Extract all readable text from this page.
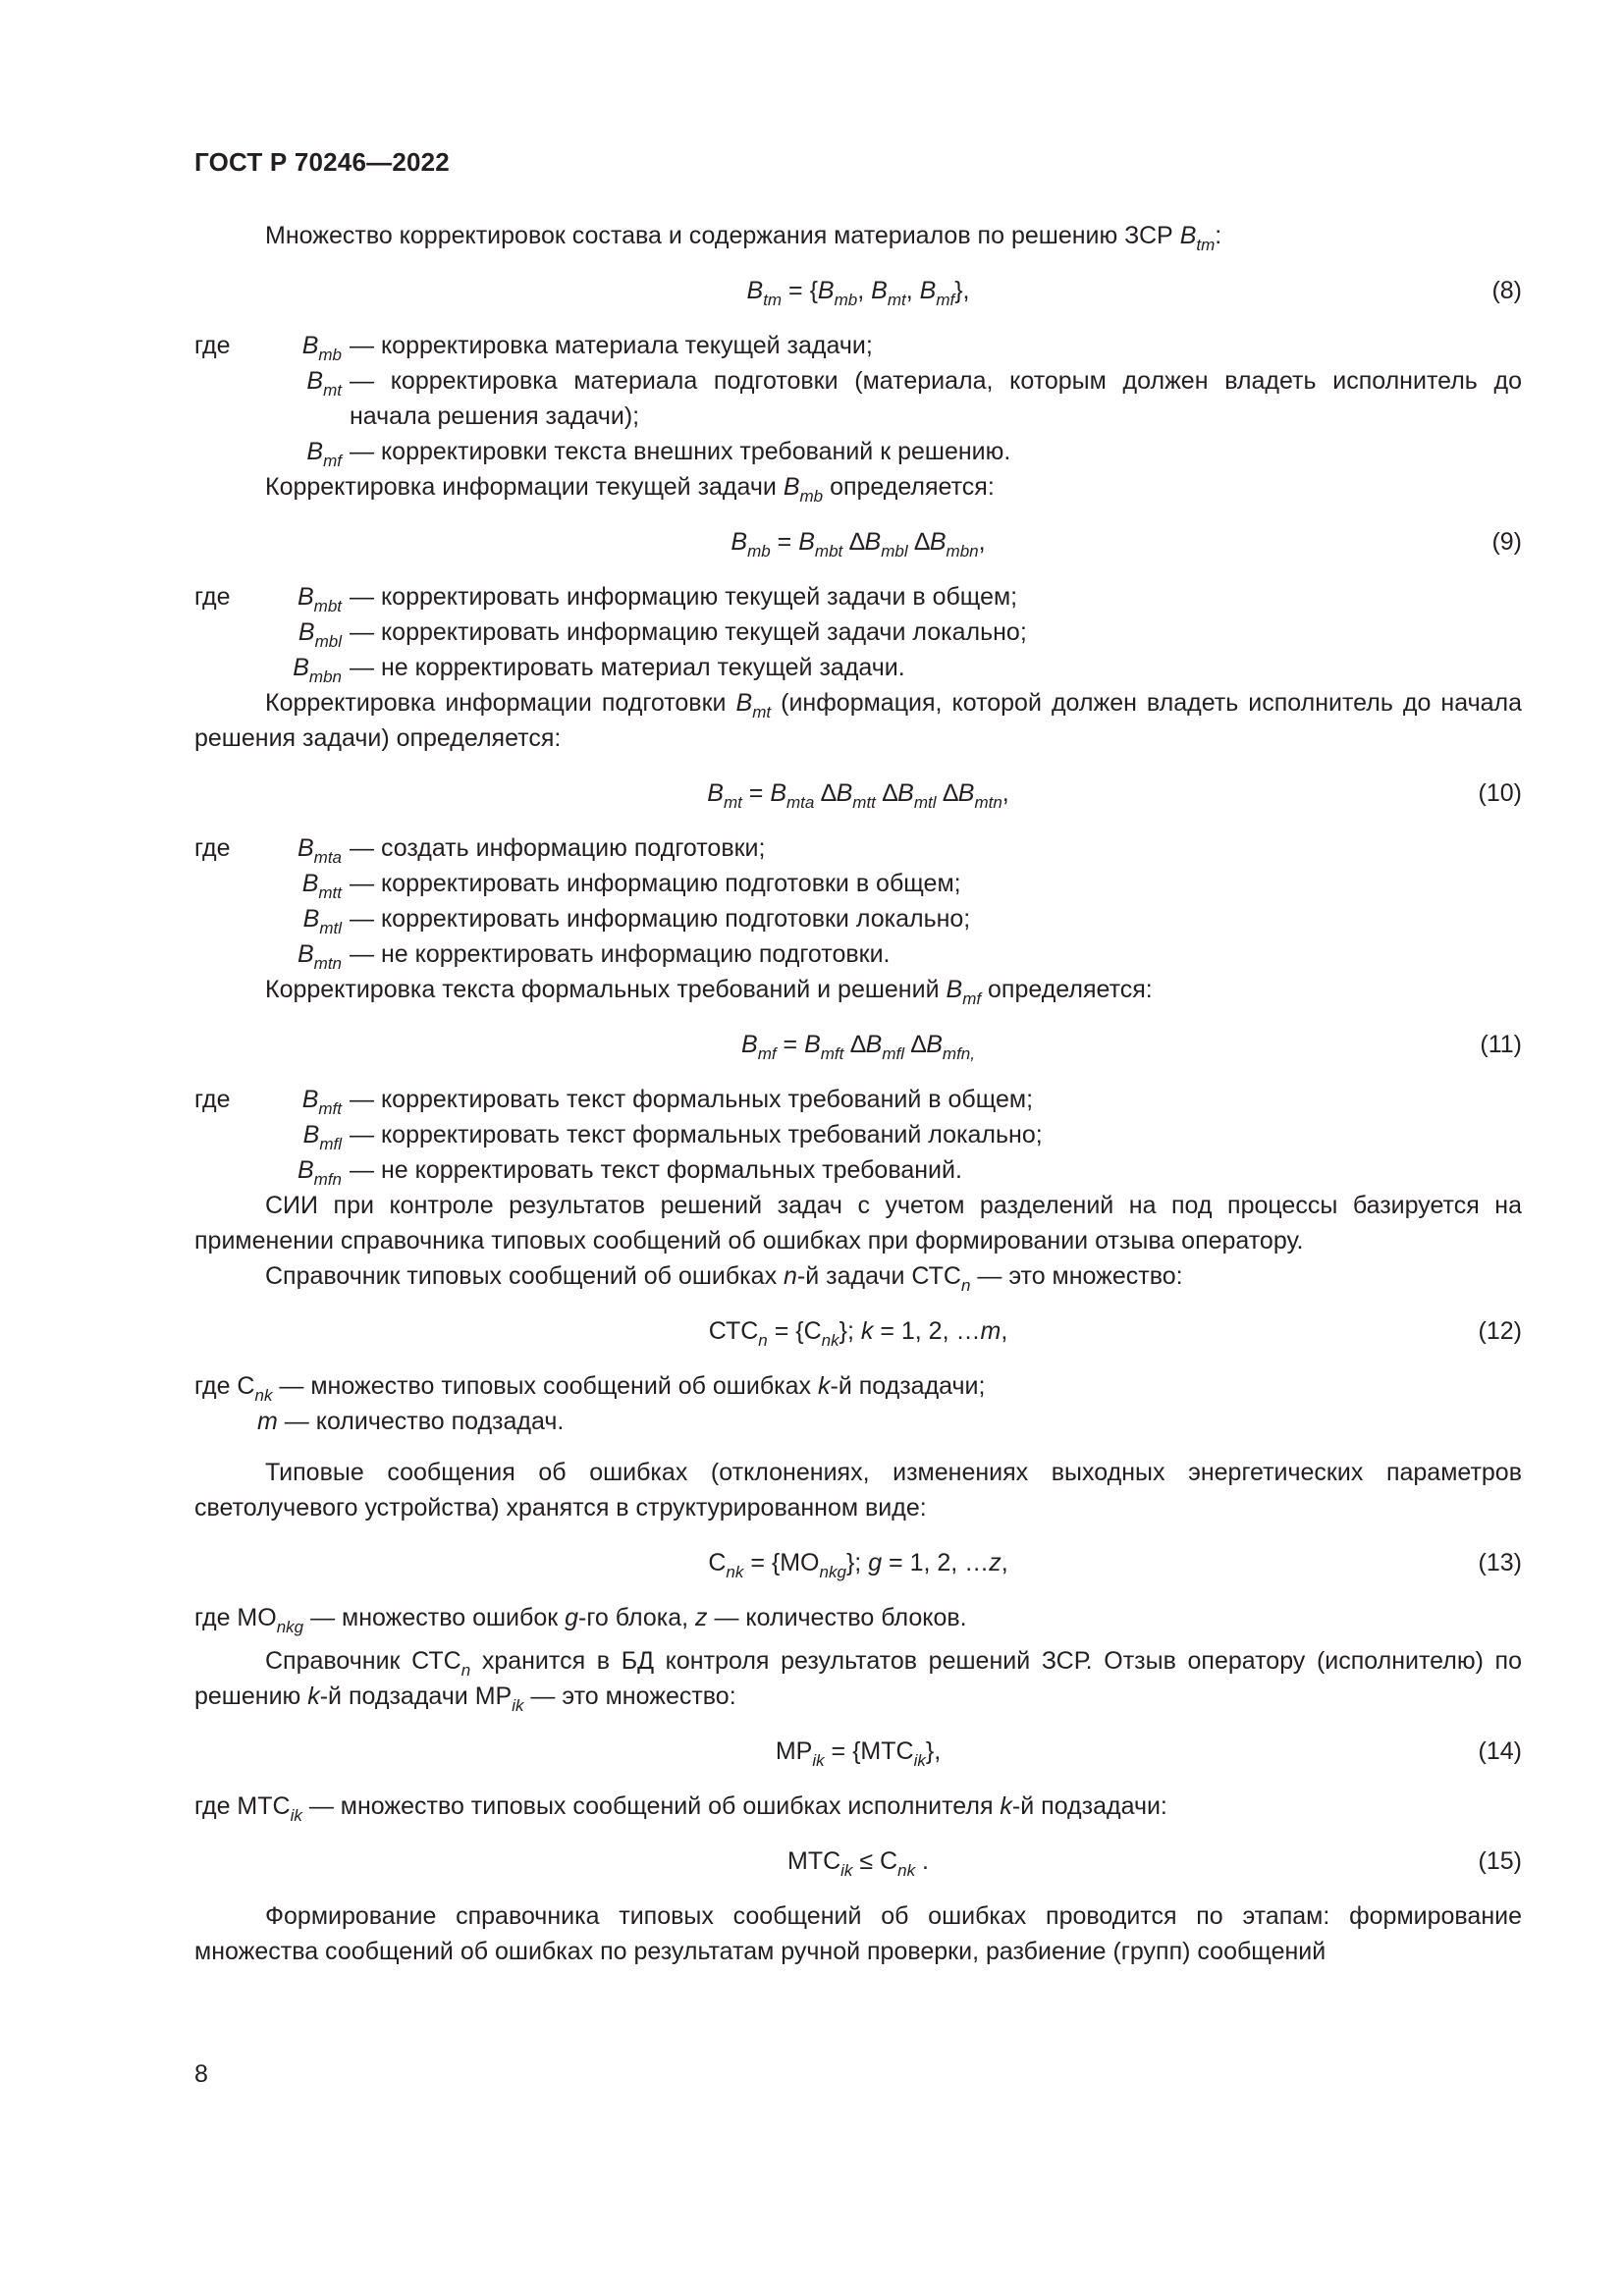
ГОСТ Р 70246—2022

Множество корректировок состава и содержания материалов по решению ЗСР $B_{tm}$:

$B_{tm} = \{B_{mb}$, $B_{mt}$, $B_{mf}$},	(8)
где	$B_{mb}$ — корректировка материала текущей задачи;
$B_{mt}$ — корректировка материала подготовки (материала, которым должен владеть исполнитель до начала решения задачи);
$B_{mf}$ — корректировки текста внешних требований к решению.

Корректировка информации текущей задачи $B_{mb}$ определяется:

$B_{mb} = B_{mbt}$ $\Delta B_{mbl}$ $\Delta B_{mbn}$,	(9)
где	$B_{mbt}$ — корректировать информацию текущей задачи в общем;
$B_{mbl}$ — корректировать информацию текущей задачи локально;
$B_{mbn}$ — не корректировать материал текущей задачи.

Корректировка информации подготовки $B_{mt}$ (информация, которой должен владеть исполнитель до начала решения задачи) определяется:

$B_{mt} = B_{mta}$ $\Delta B_{mtt}$ $\Delta B_{mtl}$ $\Delta B_{mtn}$,	(10)
где	$B_{mta}$ — создать информацию подготовки;
$B_{mtt}$ — корректировать информацию подготовки в общем;
$B_{mtl}$ — корректировать информацию подготовки локально;
$B_{mtn}$ — не корректировать информацию подготовки.

Корректировка текста формальных требований и решений $B_{mf}$ определяется:

$B_{mf} = B_{mft}$ $\Delta B_{mfl}$ $\Delta B_{mfn,}$	(11)
где	$B_{mft}$ — корректировать текст формальных требований в общем;
$B_{mfl}$ — корректировать текст формальных требований локально;
$B_{mfn}$ — не корректировать текст формальных требований.

СИИ при контроле результатов решений задач с учетом разделений на под процессы базируется на применении справочника типовых сообщений об ошибках при формировании отзыва оператору.

Справочник типовых сообщений об ошибках n-й задачи $СТС_n$ — это множество:

$СТС_n = \{С_{nk}\}$; k = 1, 2, …m,	(12)

где $С_{nk}$ — множество типовых сообщений об ошибках k-й подзадачи;

m — количество подзадач.

Типовые сообщения об ошибках (отклонениях, изменениях выходных энергетических параметров светолучевого устройства) хранятся в структурированном виде:

$С_{nk} = \{МО_{nkg}\}$; g = 1, 2, …z,	(13)

где $МО_{nkg}$ — множество ошибок g-го блока, z — количество блоков.

Справочник $СТС_n$ хранится в БД контроля результатов решений ЗСР. Отзыв оператору (исполнителю) по решению k-й подзадачи $МР_{ik}$ — это множество:

$МР_{ik} = \{МТС_{ik}\}$,	(14)

где $МТС_{ik}$ — множество типовых сообщений об ошибках исполнителя k-й подзадачи:

$МТС_{ik} \le С_{nk}$ .	(15)

Формирование справочника типовых сообщений об ошибках проводится по этапам: формирование множества сообщений об ошибках по результатам ручной проверки, разбиение (групп) сообщений

8
